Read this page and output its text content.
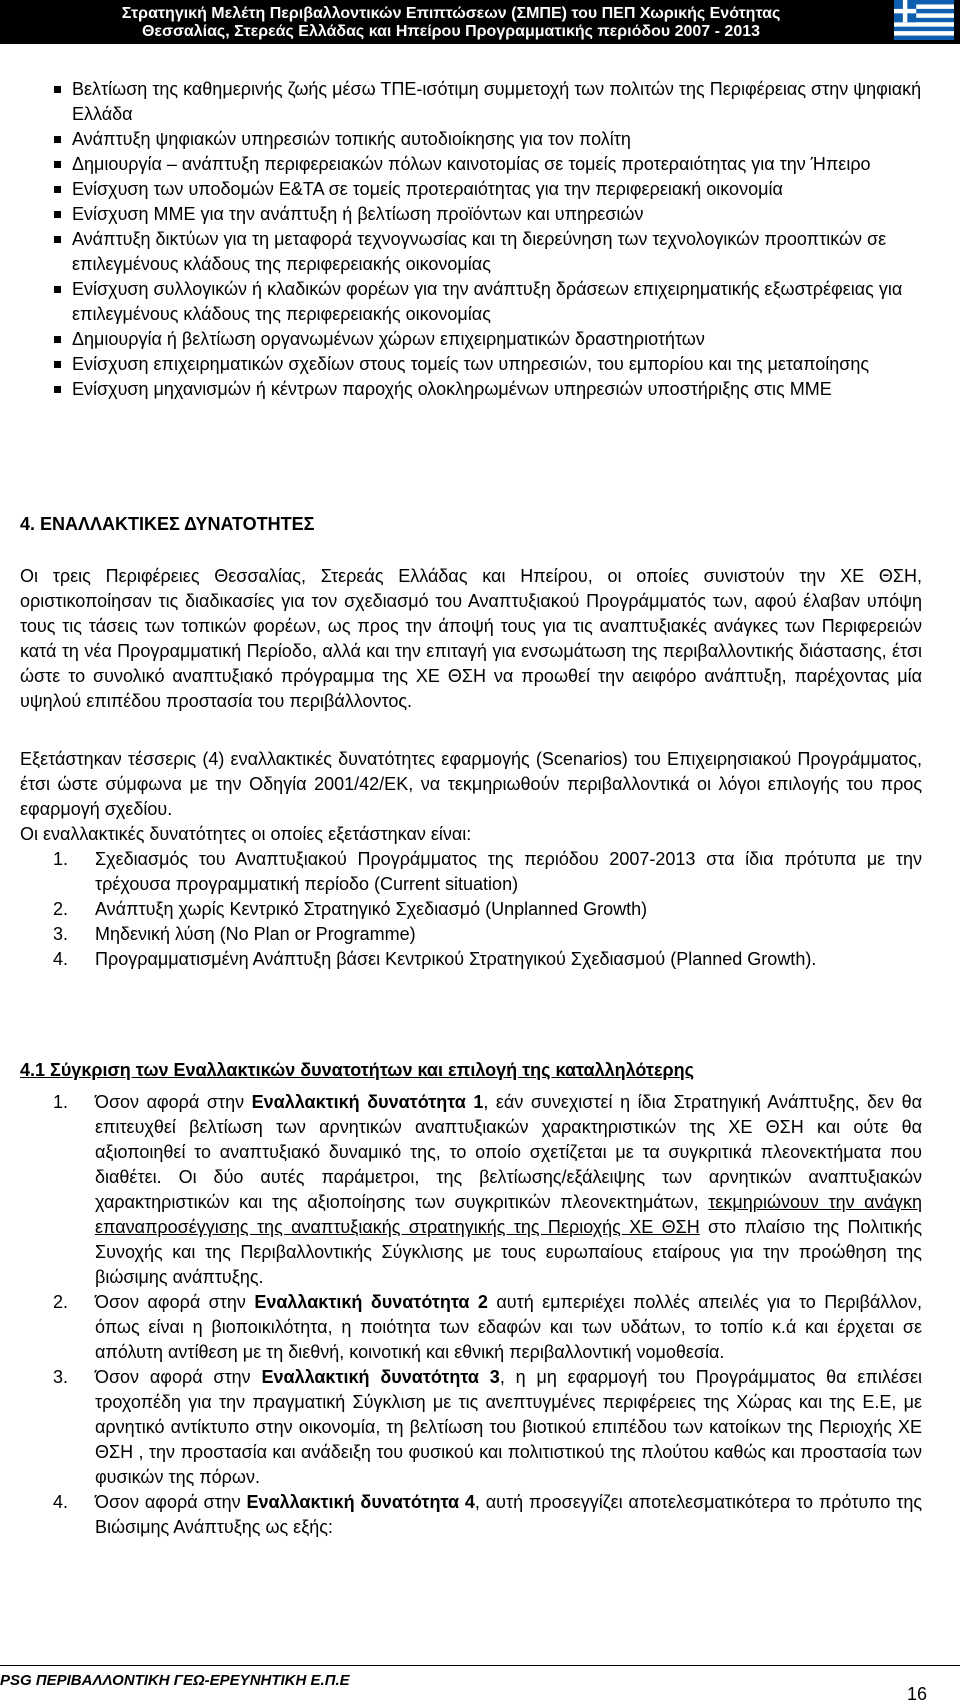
Στρατηγική Μελέτη Περιβαλλοντικών Επιπτώσεων (ΣΜΠΕ) του ΠΕΠ Χωρικής Ενότητας
Θεσσαλίας, Στερεάς Ελλάδας και Ηπείρου Προγραμματικής περιόδου 2007 - 2013
Βελτίωση της καθημερινής ζωής μέσω ΤΠΕ-ισότιμη συμμετοχή των πολιτών της Περιφέρειας στην ψηφιακή Ελλάδα
Ανάπτυξη ψηφιακών υπηρεσιών τοπικής αυτοδιοίκησης για τον πολίτη
Δημιουργία – ανάπτυξη περιφερειακών πόλων καινοτομίας σε τομείς προτεραιότητας για την Ήπειρο
Ενίσχυση των υποδομών Ε&ΤΑ σε τομείς προτεραιότητας για την περιφερειακή οικονομία
Ενίσχυση ΜΜΕ για την ανάπτυξη ή βελτίωση προϊόντων και υπηρεσιών
Ανάπτυξη δικτύων για τη μεταφορά τεχνογνωσίας και τη διερεύνηση των τεχνολογικών προοπτικών σε επιλεγμένους κλάδους της περιφερειακής οικονομίας
Ενίσχυση συλλογικών ή κλαδικών φορέων για την ανάπτυξη δράσεων επιχειρηματικής εξωστρέφειας για επιλεγμένους κλάδους της περιφερειακής οικονομίας
Δημιουργία ή βελτίωση οργανωμένων χώρων επιχειρηματικών δραστηριοτήτων
Ενίσχυση επιχειρηματικών σχεδίων στους τομείς των υπηρεσιών, του εμπορίου και της μεταποίησης
Ενίσχυση μηχανισμών ή κέντρων παροχής ολοκληρωμένων υπηρεσιών υποστήριξης στις ΜΜΕ
4. ΕΝΑΛΛΑΚΤΙΚΕΣ ΔΥΝΑΤΟΤΗΤΕΣ
Οι τρεις Περιφέρειες Θεσσαλίας, Στερεάς Ελλάδας και Ηπείρου, οι οποίες συνιστούν την ΧΕ ΘΣΗ, οριστικοποίησαν τις διαδικασίες για τον σχεδιασμό του Αναπτυξιακού Προγράμματός των, αφού έλαβαν υπόψη τους τις τάσεις των τοπικών φορέων, ως προς την άποψή τους για τις αναπτυξιακές ανάγκες των Περιφερειών κατά τη νέα Προγραμματική Περίοδο, αλλά και την επιταγή για ενσωμάτωση της περιβαλλοντικής διάστασης, έτσι ώστε το συνολικό αναπτυξιακό πρόγραμμα της ΧΕ ΘΣΗ να προωθεί την αειφόρο ανάπτυξη, παρέχοντας μία υψηλού επιπέδου προστασία του περιβάλλοντος.
Εξετάστηκαν τέσσερις (4) εναλλακτικές δυνατότητες εφαρμογής (Scenarios) του Επιχειρησιακού Προγράμματος, έτσι ώστε σύμφωνα με την Οδηγία 2001/42/ΕΚ, να τεκμηριωθούν περιβαλλοντικά οι λόγοι επιλογής του προς εφαρμογή σχεδίου.
Οι εναλλακτικές δυνατότητες οι οποίες εξετάστηκαν είναι:
1. Σχεδιασμός του Αναπτυξιακού Προγράμματος της περιόδου 2007-2013 στα ίδια πρότυπα με την τρέχουσα προγραμματική περίοδο (Current situation)
2. Ανάπτυξη χωρίς Κεντρικό Στρατηγικό Σχεδιασμό (Unplanned Growth)
3. Μηδενική λύση (No Plan or Programme)
4. Προγραμματισμένη Ανάπτυξη βάσει Κεντρικού Στρατηγικού Σχεδιασμού (Planned Growth).
4.1 Σύγκριση των Εναλλακτικών δυνατοτήτων και επιλογή της καταλληλότερης
1. Όσον αφορά στην Εναλλακτική δυνατότητα 1, εάν συνεχιστεί η ίδια Στρατηγική Ανάπτυξης, δεν θα επιτευχθεί βελτίωση των αρνητικών αναπτυξιακών χαρακτηριστικών της ΧΕ ΘΣΗ και ούτε θα αξιοποιηθεί το αναπτυξιακό δυναμικό της, το οποίο σχετίζεται με τα συγκριτικά πλεονεκτήματα που διαθέτει. Οι δύο αυτές παράμετροι, της βελτίωσης/εξάλειψης των αρνητικών αναπτυξιακών χαρακτηριστικών και της αξιοποίησης των συγκριτικών πλεονεκτημάτων, τεκμηριώνουν την ανάγκη επαναπροσέγγισης της αναπτυξιακής στρατηγικής της Περιοχής ΧΕ ΘΣΗ στο πλαίσιο της Πολιτικής Συνοχής και της Περιβαλλοντικής Σύγκλισης με τους ευρωπαίους εταίρους για την προώθηση της βιώσιμης ανάπτυξης.
2. Όσον αφορά στην Εναλλακτική δυνατότητα 2 αυτή εμπεριέχει πολλές απειλές για το Περιβάλλον, όπως είναι η βιοποικιλότητα, η ποιότητα των εδαφών και των υδάτων, το τοπίο κ.ά και έρχεται σε απόλυτη αντίθεση με τη διεθνή, κοινοτική και εθνική περιβαλλοντική νομοθεσία.
3. Όσον αφορά στην Εναλλακτική δυνατότητα 3, η μη εφαρμογή του Προγράμματος θα επιλέσει τροχοπέδη για την πραγματική Σύγκλιση με τις ανεπτυγμένες περιφέρειες της Χώρας και της Ε.Ε, με αρνητικό αντίκτυπο στην οικονομία, τη βελτίωση του βιοτικού επιπέδου των κατοίκων της Περιοχής ΧΕ ΘΣΗ , την προστασία και ανάδειξη του φυσικού και πολιτιστικού της πλούτου καθώς και προστασία των φυσικών της πόρων.
4. Όσον αφορά στην Εναλλακτική δυνατότητα 4, αυτή προσεγγίζει αποτελεσματικότερα το πρότυπο της Βιώσιμης Ανάπτυξης ως εξής:
PSG ΠΕΡΙΒΑΛΛΟΝΤΙΚΗ ΓΕΩ-ΕΡΕΥΝΗΤΙΚΗ Ε.Π.Ε
16
